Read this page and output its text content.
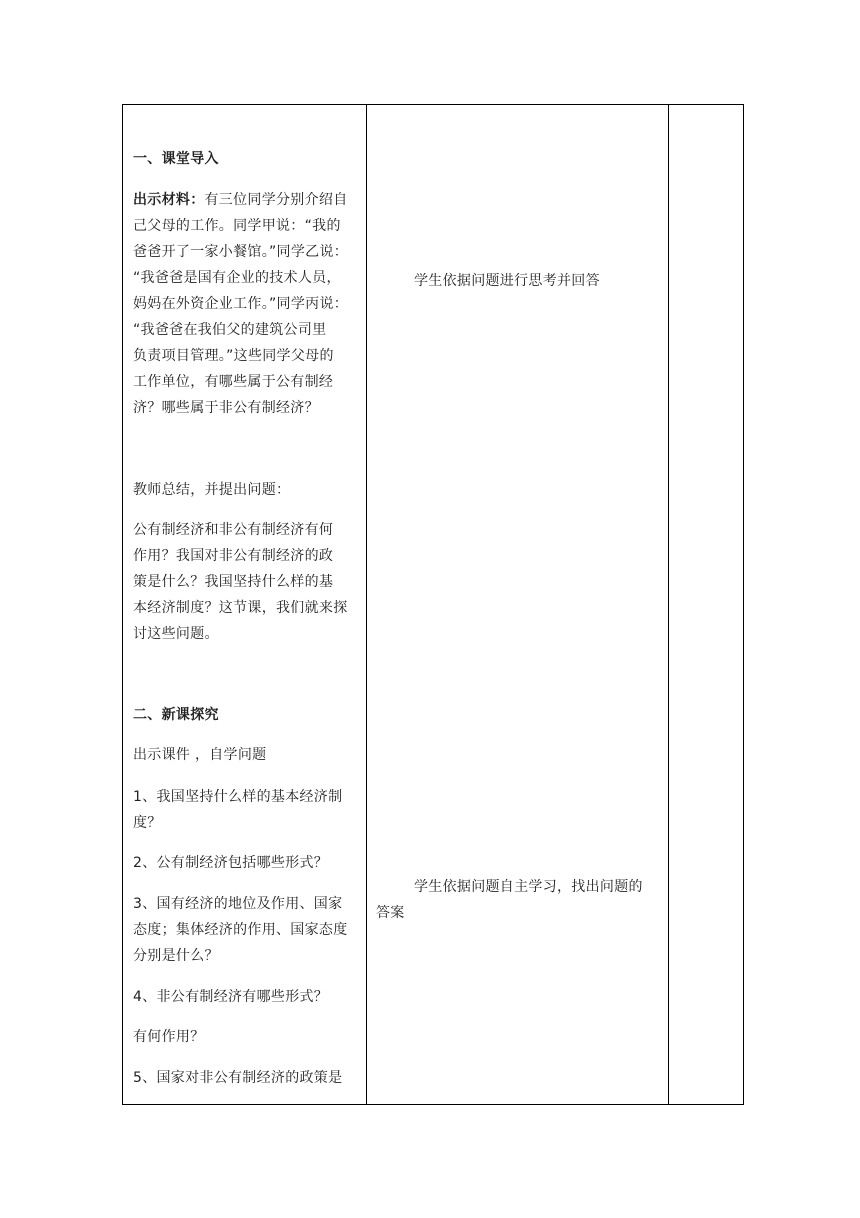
一、课堂导入
出示材料：有三位同学分别介绍自
己父母的工作。同学甲说：“我的
爸爸开了一家小餐馆。”同学乙说：
“我爸爸是国有企业的技术人员，
妈妈在外资企业工作。”同学丙说：
“我爸爸在我伯父的建筑公司里
负责项目管理。”这些同学父母的
工作单位，有哪些属于公有制经
济？哪些属于非公有制经济？
教师总结，并提出问题：
公有制经济和非公有制经济有何
作用？我国对非公有制经济的政
策是什么？我国坚持什么样的基
本经济制度？这节课，我们就来探
讨这些问题。
二、新课探究
出示课件 ，自学问题
1、我国坚持什么样的基本经济制
度？
2、公有制经济包括哪些形式？
3、国有经济的地位及作用、国家
态度；集体经济的作用、国家态度
分别是什么？
4、非公有制经济有哪些形式？
有何作用？
5、国家对非公有制经济的政策是
学生依据问题进行思考并回答
学生依据问题自主学习，找出问题的
答案
